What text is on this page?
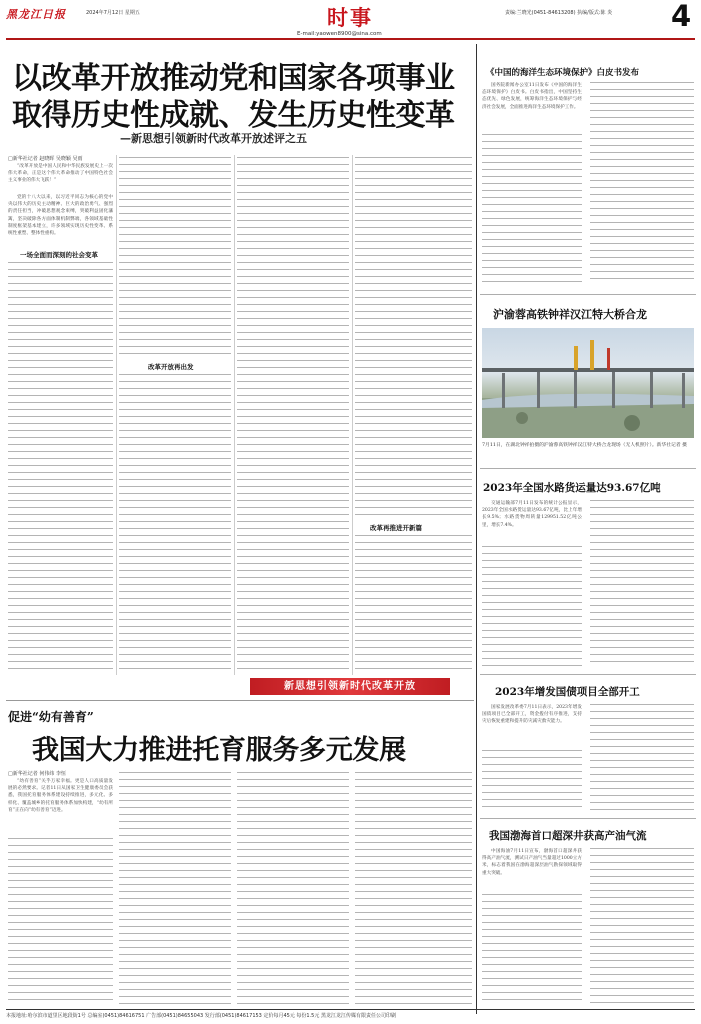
黑龙江日报	2024年7月12日 星期五	时事
E-mail:yaowen8900@sina.com
责编:兰晓光(0451-84613208) 执编/版式:陈 炎 4
以改革开放推动党和国家各项事业
取得历史性成就、发生历史性变革
—新思想引领新时代改革开放述评之五
□新华社记者 赵晓晖 吴晓颖 吴雨

“改革开放是中国人民和中华民族发展史上一次伟大革命，正是这个伟大革命推动了中国特色社会主义事业的伟大飞跃！”

党的十八大以来，以习近平同志为核心的党中央以伟大的历史主动精神、巨大的政治勇气、强烈的责任担当，冲破思想观念束缚，突破利益固化藩篱，坚决破除各方面体制机制弊端，各领域基础性制度框架基本建立，许多领域实现历史性变革、系统性重塑、整体性重构。

一场全面而深刻的社会变革
改革开放再出发
改革再推进开新篇
新思想引领新时代改革开放
《中国的海洋生态环境保护》白皮书发布

国务院新闻办公室11日发布《中国的海洋生态环境保护》白皮书。白皮书指出，中国坚持生态优先、绿色发展，统筹海洋生态环境保护与经济社会发展，全面推进海洋生态环境保护工作。

沪渝蓉高铁钟祥汉江特大桥合龙
7月11日，在湖北钟祥拍摄的沪渝蓉高铁钟祥汉江特大桥合龙现场（无人机照片）。新华社记者 摄
2023年全国水路货运量达93.67亿吨

交通运输部7月11日发布的统计公报显示，2023年全国水路货运量达93.67亿吨，比上年增长9.5%；水路货物周转量129951.52亿吨公里，增长7.4%。

2023年增发国债项目全部开工

国家发展改革委7月11日表示，2023年增发国债项目已全部开工，资金拨付有序推进，支持灾后恢复重建和提升防灾减灾救灾能力。

我国渤海首口超深井获高产油气流

中国海油7月11日宣布，渤海首口超深井获得高产油气流，测试日产油气当量超过1000立方米，标志着我国在渤海超深层油气勘探领域取得重大突破。

促进“幼有善育”
我国大力推进托育服务多元发展
□新华社记者 何伟纬 李恒

“幼有善育”关乎万家幸福。更是人口高质量发展的必然要求。记者11日从国家卫生健康委员会获悉，我国托育服务体系建设持续推进，多元化、多样化、覆盖城乡的托育服务体系加快构建，“幼有所育”正在向“幼有善育”迈进。

本报地址:哈尔滨市道里区地段街1号 总编室(0451)84616751 广告部(0451)84655043 发行部(0451)84617153 定价每月45元 每份1.5元 黑龙江龙江传媒有限责任公司印刷
